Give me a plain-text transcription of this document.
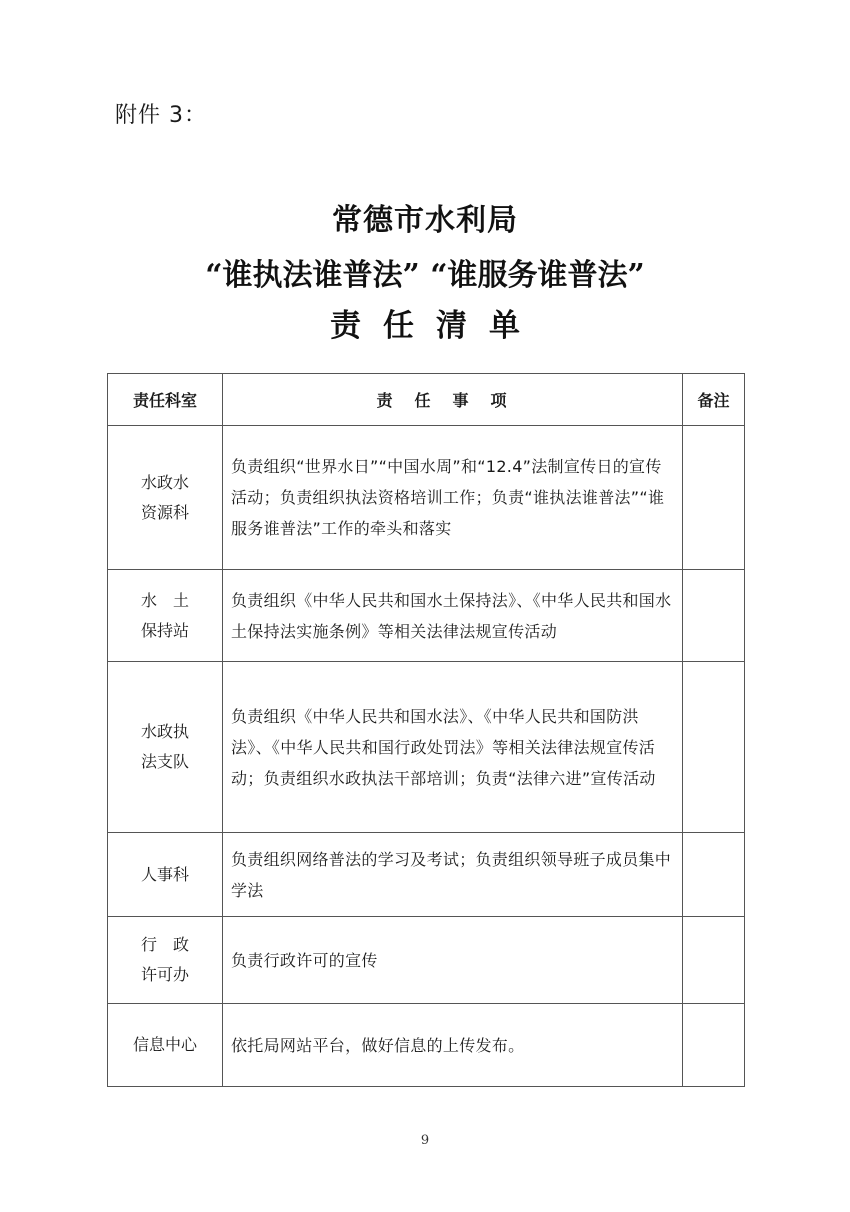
附件 3：
常德市水利局
“谁执法谁普法” “谁服务谁普法”
责任清单
责任科室	责任事项	备注

水政水
资源科	负责组织“世界水日”“中国水周”和“12.4”法制宣传日的宣传活动；负责组织执法资格培训工作；负责“谁执法谁普法”“谁服务谁普法”工作的牵头和落实	

水　土
保持站	负责组织《中华人民共和国水土保持法》、《中华人民共和国水土保持法实施条例》等相关法律法规宣传活动	

水政执
法支队	负责组织《中华人民共和国水法》、《中华人民共和国防洪法》、《中华人民共和国行政处罚法》等相关法律法规宣传活动；负责组织水政执法干部培训；负责“法律六进”宣传活动	

人事科	负责组织网络普法的学习及考试；负责组织领导班子成员集中学法	

行　政
许可办	负责行政许可的宣传	

信息中心	依托局网站平台，做好信息的上传发布。	
9
